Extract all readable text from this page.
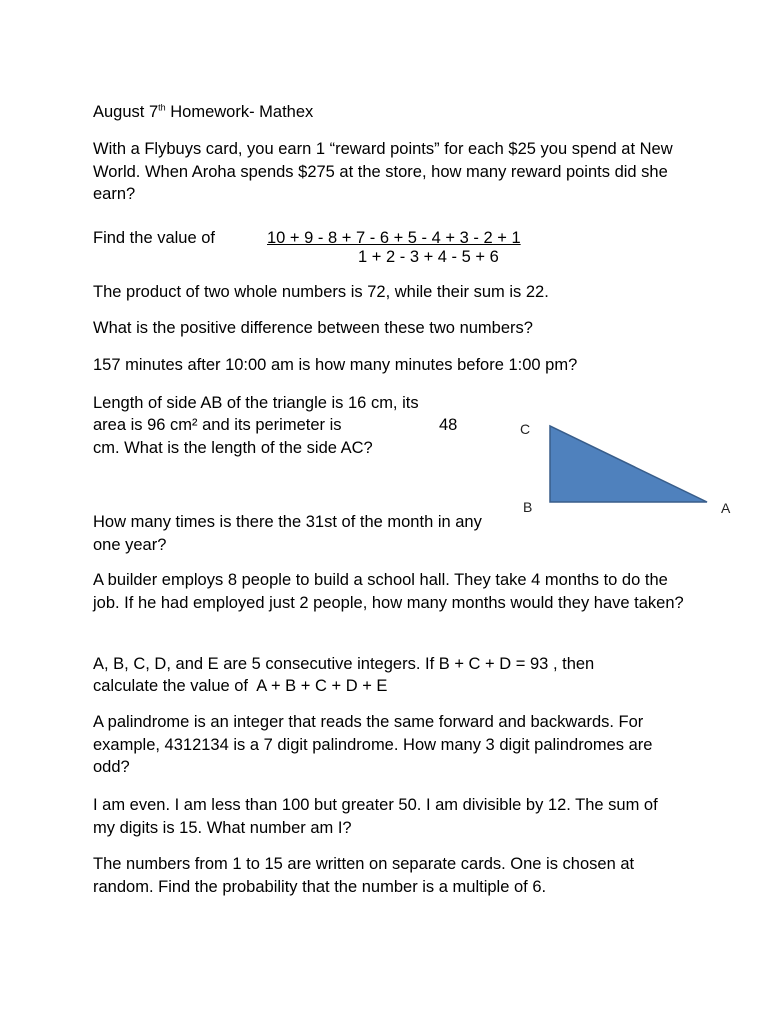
August 7th Homework- Mathex

With a Flybuys card, you earn 1 “reward points” for each $25 you spend at New World. When Aroha spends $275 at the store, how many reward points did she earn?

Find the value of	10 + 9 - 8 + 7 - 6 + 5 - 4 + 3 - 2 + 1
1 + 2 - 3 + 4 - 5 + 6

The product of two whole numbers is 72, while their sum is 22.

What is the positive difference between these two numbers?

157 minutes after 10:00 am is how many minutes before 1:00 pm?

Length of side AB of the triangle is 16 cm, its
area is 96 cm² and its perimeter is	48
cm. What is the length of the side AC?
C
B	A

How many times is there the 31st of the month in any one year?

A builder employs 8 people to build a school hall. They take 4 months to do the job. If he had employed just 2 people, how many months would they have taken?

A, B, C, D, and E are 5 consecutive integers. If B + C + D = 93 , then
calculate the value of  A + B + C + D + E

A palindrome is an integer that reads the same forward and backwards. For example, 4312134 is a 7 digit palindrome. How many 3 digit palindromes are odd?

I am even. I am less than 100 but greater 50. I am divisible by 12. The sum of my digits is 15. What number am I?

The numbers from 1 to 15 are written on separate cards. One is chosen at random. Find the probability that the number is a multiple of 6.
